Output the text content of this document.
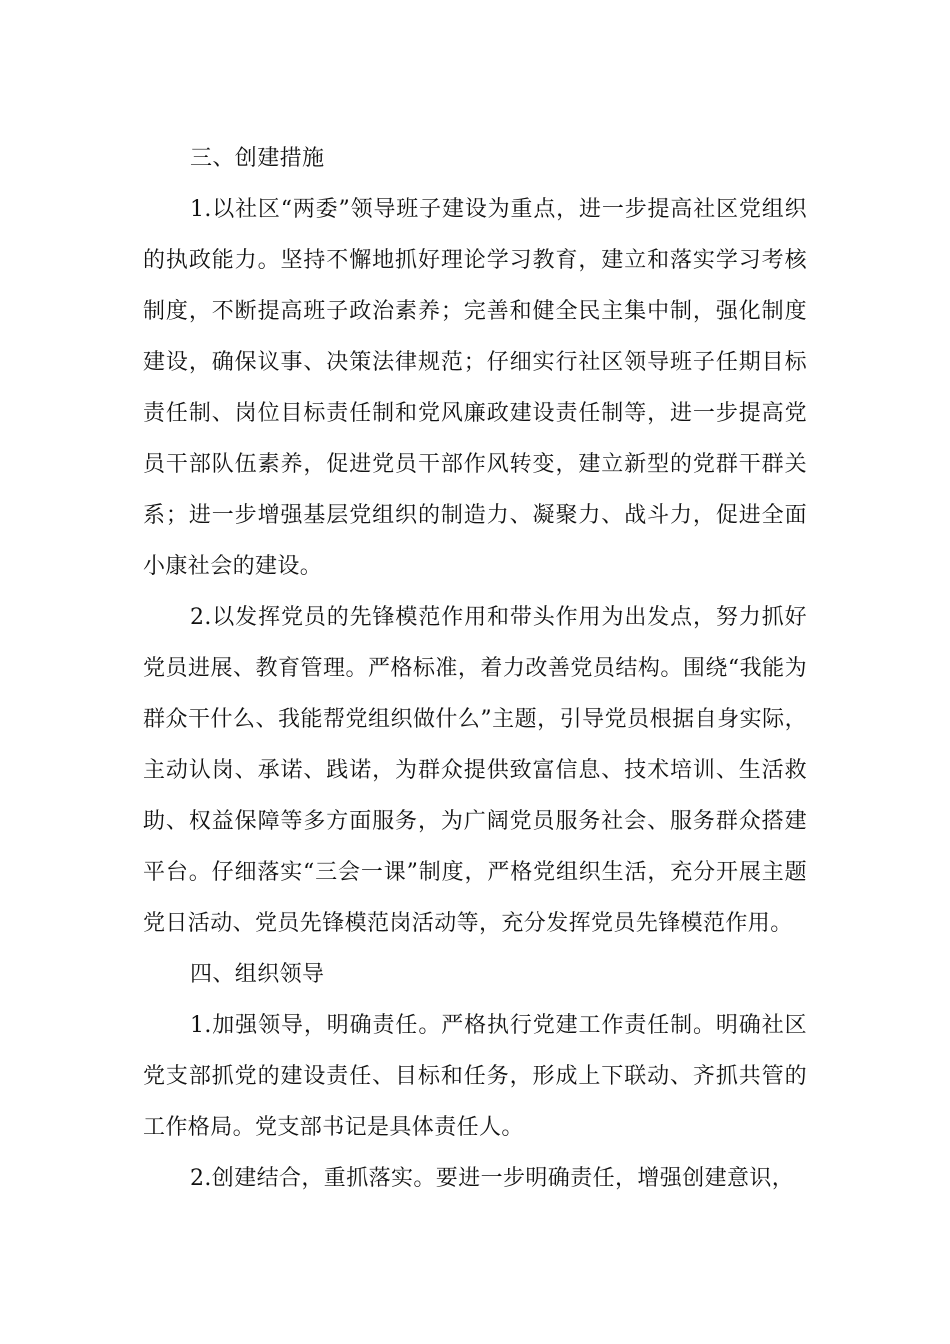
三、创建措施

1.以社区“两委”领导班子建设为重点，进一步提高社区党组织的执政能力。坚持不懈地抓好理论学习教育，建立和落实学习考核制度，不断提高班子政治素养；完善和健全民主集中制，强化制度建设，确保议事、决策法律规范；仔细实行社区领导班子任期目标责任制、岗位目标责任制和党风廉政建设责任制等，进一步提高党员干部队伍素养，促进党员干部作风转变，建立新型的党群干群关系；进一步增强基层党组织的制造力、凝聚力、战斗力，促进全面小康社会的建设。

2.以发挥党员的先锋模范作用和带头作用为出发点，努力抓好党员进展、教育管理。严格标准，着力改善党员结构。围绕“我能为群众干什么、我能帮党组织做什么”主题，引导党员根据自身实际，主动认岗、承诺、践诺，为群众提供致富信息、技术培训、生活救助、权益保障等多方面服务，为广阔党员服务社会、服务群众搭建平台。仔细落实“三会一课”制度，严格党组织生活，充分开展主题党日活动、党员先锋模范岗活动等，充分发挥党员先锋模范作用。

四、组织领导

1.加强领导，明确责任。严格执行党建工作责任制。明确社区党支部抓党的建设责任、目标和任务，形成上下联动、齐抓共管的工作格局。党支部书记是具体责任人。

2.创建结合，重抓落实。要进一步明确责任，增强创建意识，
